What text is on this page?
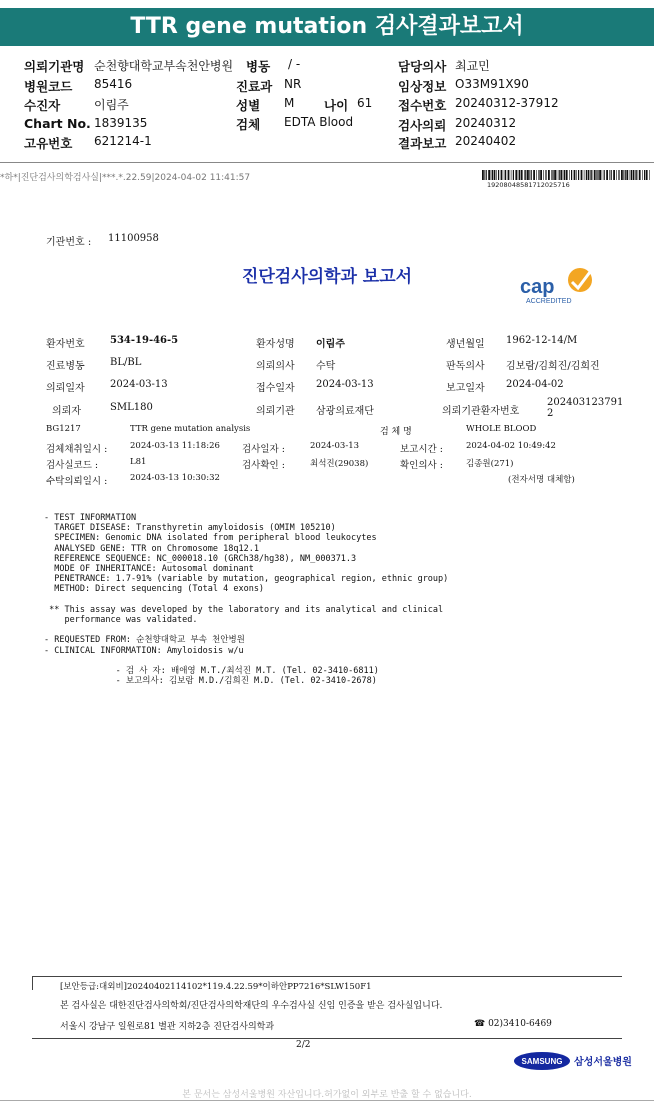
TTR gene mutation 검사결과보고서
의뢰기관명 순천향대학교부속천안병원 병동 / -	담당의사 최교민
병원코드 85416	진료과 NR	임상정보 O33M91X90
수진자	이림주	성별 M 나이 61 접수번호 20240312-37912
Chart No. 1839135	검체 EDTA Blood	검사의뢰 20240312
고유번호 621214-1	결과보고 20240402
*하*|진단검사의학검사실|***.*.22.59|2024-04-02 11:41:57
1920804858171202571​6
기관번호 : 11100958
진단검사의학과 보고서	cap
ACCREDITED
환자번호	534-19-46-5	환자성명 이림주	생년월일 1962-12-14/M
진료병동	BL/BL	의뢰의사 수탁	판독의사 김보람/김희진/김희진
의뢰일자	2024-03-13	접수일자 2024-03-13	보고일자 2024-04-02
의뢰자	SML180	의뢰기관 삼광의료재단	의뢰기관환자번호
202403123791
2
BG1217	TTR gene mutation analysis	검 체 명	WHOLE BLOOD
검체채취일시 :	2024-03-13 11:18:26 검사일자 :	2024-03-13	보고시간 :	2024-04-02 10:49:42
검사실코드 :	L81	검사확인 :	최석진(29038)	확인의사 :	김종원(271)
수탁의뢰일시 :	2024-03-13 10:30:32	(전자서명 대체함)
- TEST INFORMATION
TARGET DISEASE: Transthyretin amyloidosis (OMIM 105210)
SPECIMEN: Genomic DNA isolated from peripheral blood leukocytes
ANALYSED GENE: TTR on Chromosome 18q12.1
REFERENCE SEQUENCE: NC_000018.10 (GRCh38/hg38), NM_000371.3
MODE OF INHERITANCE: Autosomal dominant
PENETRANCE: 1.7-91% (variable by mutation, geographical region, ethnic group)
METHOD: Direct sequencing (Total 4 exons)

** This assay was developed by the laboratory and its analytical and clinical
performance was validated.

- REQUESTED FROM: 순천향대학교 부속 천안병원
- CLINICAL INFORMATION: Amyloidosis w/u

- 검 사 자: 배애영 M.T./최석진 M.T. (Tel. 02-3410-6811)
- 보고의사: 김보람 M.D./김희진 M.D. (Tel. 02-3410-2678)
[보안등급:대외비]20240402114102*119.4.22.59*이하안PP7216*SLW150F1
본 검사실은 대한진단검사의학회/진단검사의학재단의 우수검사실 신임 인증을 받은 검사실입니다.
서울시 강남구 일원로81 별관 지하2층 진단검사의학과	☎ 02)3410-6469
2/2
SAMSUNG 삼성서울병원
본 문서는 삼성서울병원 자산입니다.허가없이 외부로 반출 할 수 없습니다.
